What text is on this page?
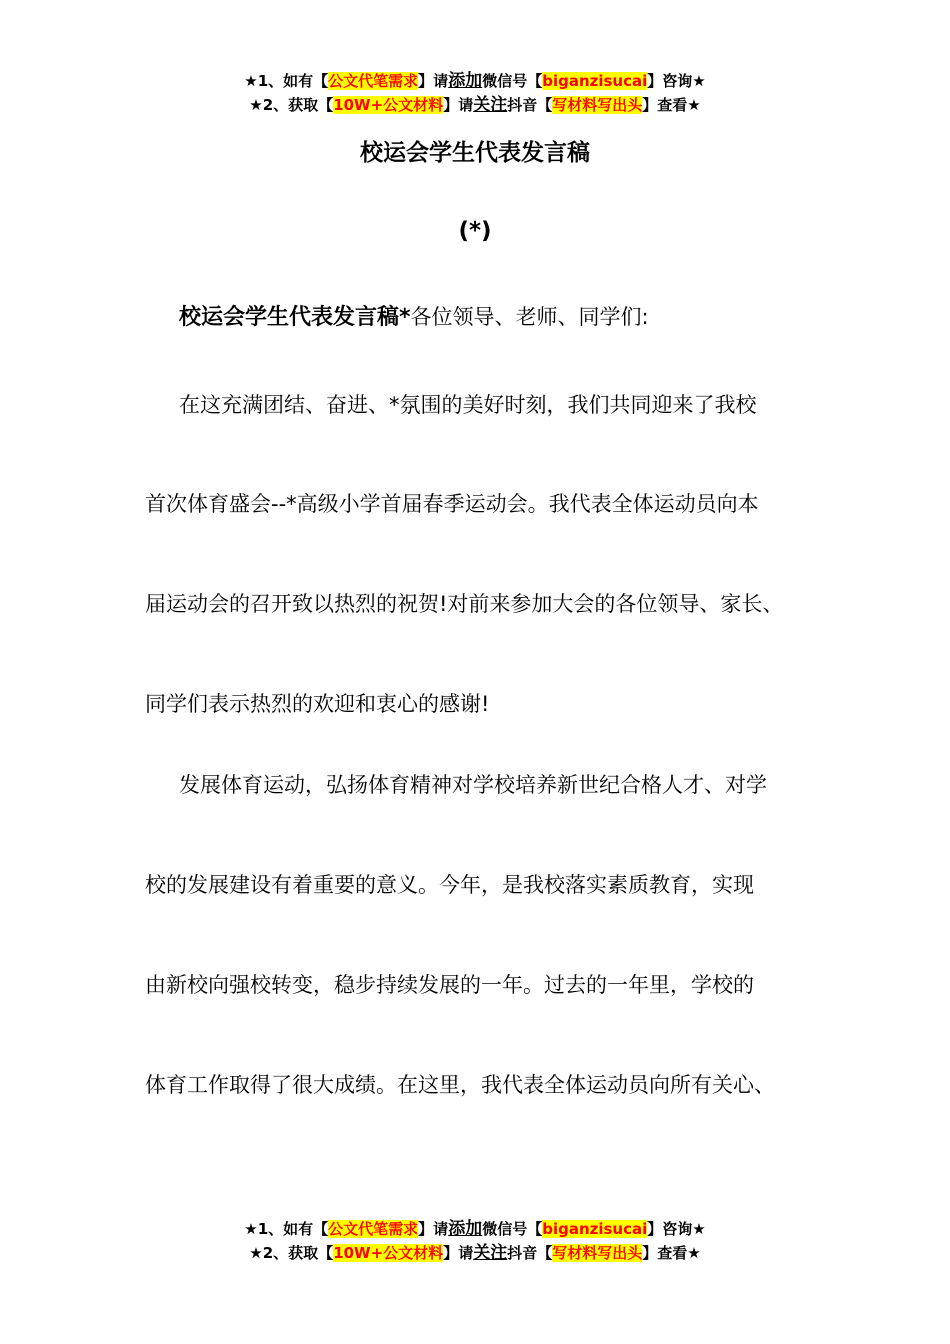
★1、如有【公文代笔需求】请添加微信号【biganzisucai】咨询★
★2、获取【10W+公文材料】请关注抖音【写材料写出头】查看★
校运会学生代表发言稿
(*)
校运会学生代表发言稿*各位领导、老师、同学们:
在这充满团结、奋进、*氛围的美好时刻，我们共同迎来了我校
首次体育盛会--*高级小学首届春季运动会。我代表全体运动员向本
届运动会的召开致以热烈的祝贺!对前来参加大会的各位领导、家长、
同学们表示热烈的欢迎和衷心的感谢!
发展体育运动，弘扬体育精神对学校培养新世纪合格人才、对学
校的发展建设有着重要的意义。今年，是我校落实素质教育，实现
由新校向强校转变，稳步持续发展的一年。过去的一年里，学校的
体育工作取得了很大成绩。在这里，我代表全体运动员向所有关心、
★1、如有【公文代笔需求】请添加微信号【biganzisucai】咨询★
★2、获取【10W+公文材料】请关注抖音【写材料写出头】查看★
